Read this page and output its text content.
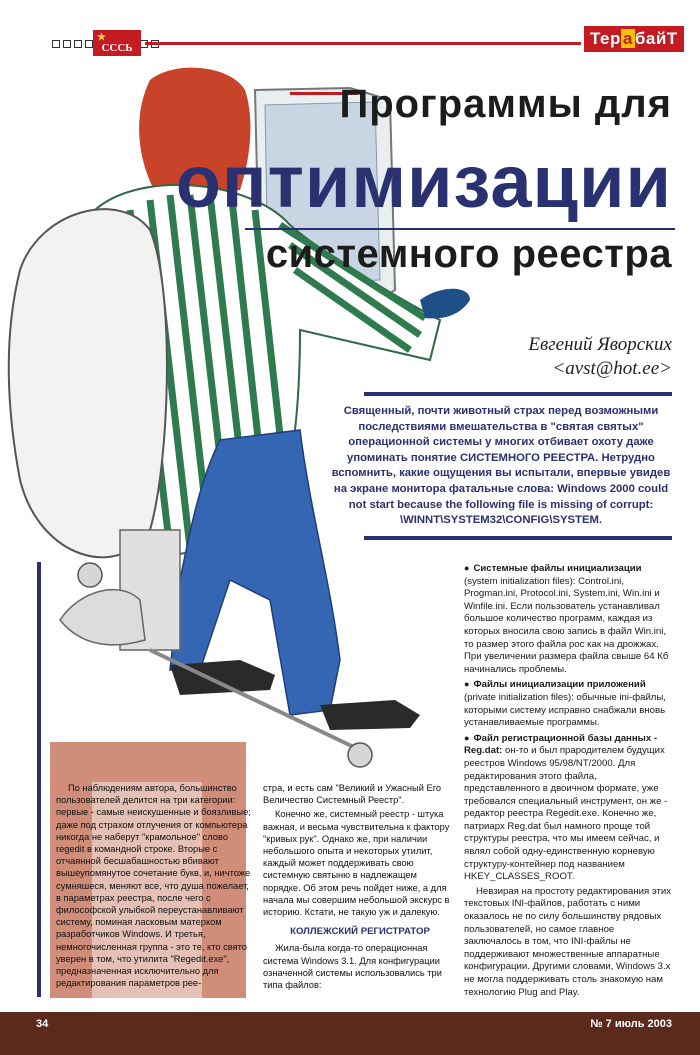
★
СССЬ	Тер а байТ
Программы для
оптимизации
системного реестра
Евгений Яворских
<avst@hot.ee>
Священный, почти животный страх перед возможными последствиями вмешательства в "святая святых" операционной системы у многих отбивает охоту даже упоминать понятие СИСТЕМНОГО РЕЕСТРА. Нетрудно вспомнить, какие ощущения вы испытали, впервые увидев на экране монитора фатальные слова: Windows 2000 could not start because the following file is missing of corrupt: \WINNT\SYSTEM32\CONFIG\SYSTEM.

● Системные файлы инициализации
(system initialization files): Control.ini, Progman.ini, Protocol.ini, System.ini, Win.ini и Winfile.ini. Если пользователь устанавливал большое количество программ, каждая из которых вносила свою запись в файл Win.ini, то размер этого файла рос как на дрожжах. При увеличении размера файла свыше 64 Кб начинались проблемы.

● Файлы инициализации приложений
(private initialization files): обычные ini-файлы, которыми систему исправно снабжали вновь устанавливаемые программы.

● Файл регистрационной базы данных - Reg.dat: он-то и был прародителем будущих реестров Windows 95/98/NT/2000. Для редактирования этого файла, представленного в двоичном формате, уже требовался специальный инструмент, он же - редактор реестра Regedit.exe. Конечно же, патриарх Reg.dat был намного проще той структуры реестра, что мы имеем сейчас, и являл собой одну-единственную корневую структуру-контейнер под названием HKEY_CLASSES_ROOT.

Невзирая на простоту редактирования этих текстовых INI-файлов, работать с ними оказалось не по силу большинству рядовых пользователей, но самое главное заключалось в том, что INI-файлы не поддерживают множественные аппаратные конфигурации. Другими словами, Windows 3.x не могла поддерживать столь знакомую нам технологию Plug and Play.

По наблюдениям автора, большинство пользователей делится на три категории: первые - самые неискушенные и боязливые; даже под страхом отлучения от компьютера никогда не наберут "крамольное" слово regedit в командной строке. Вторые с отчаянной бесшабашностью вбивают вышеупомянутое сочетание букв, и, ничтоже сумняшеся, меняют все, что душа пожелает, в параметрах реестра, после чего с философской улыбкой переустанавливают систему, поминая ласковым матерком разработчиков Windows. И третья, немногочисленная группа - это те, кто свято уверен в том, что утилита "Regedit.exe", предназначенная исключительно для редактирования параметров рее-

стра, и есть сам "Великий и Ужасный Его Величество Системный Реестр".

Конечно же, системный реестр - штука важная, и весьма чувствительна к фактору "кривых рук". Однако же, при наличии небольшого опыта и некоторых утилит, каждый может поддерживать свою системную святыню в надлежащем порядке. Об этом речь пойдет ниже, а для начала мы совершим небольшой экскурс в историю. Кстати, не такую уж и далекую.

КОЛЛЕЖСКИЙ РЕГИСТРАТОР

Жила-была когда-то операционная система Windows 3.1. Для конфигурации означенной системы использовались три типа файлов:

34	№ 7 июль 2003
